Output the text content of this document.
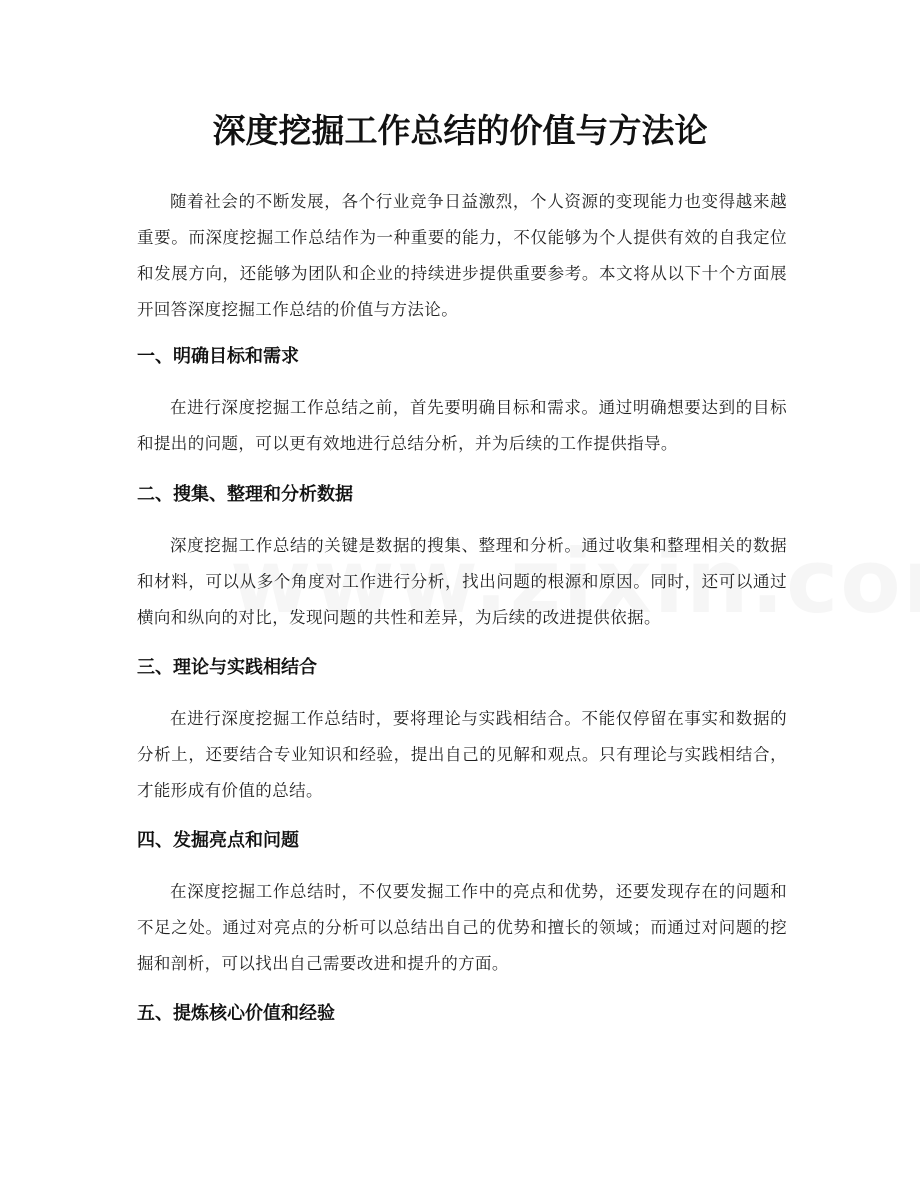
深度挖掘工作总结的价值与方法论

随着社会的不断发展，各个行业竞争日益激烈，个人资源的变现能力也变得越来越重要。而深度挖掘工作总结作为一种重要的能力，不仅能够为个人提供有效的自我定位和发展方向，还能够为团队和企业的持续进步提供重要参考。本文将从以下十个方面展开回答深度挖掘工作总结的价值与方法论。

一、明确目标和需求

在进行深度挖掘工作总结之前，首先要明确目标和需求。通过明确想要达到的目标和提出的问题，可以更有效地进行总结分析，并为后续的工作提供指导。

二、搜集、整理和分析数据

深度挖掘工作总结的关键是数据的搜集、整理和分析。通过收集和整理相关的数据和材料，可以从多个角度对工作进行分析，找出问题的根源和原因。同时，还可以通过横向和纵向的对比，发现问题的共性和差异，为后续的改进提供依据。

三、理论与实践相结合

在进行深度挖掘工作总结时，要将理论与实践相结合。不能仅停留在事实和数据的分析上，还要结合专业知识和经验，提出自己的见解和观点。只有理论与实践相结合，才能形成有价值的总结。

四、发掘亮点和问题

在深度挖掘工作总结时，不仅要发掘工作中的亮点和优势，还要发现存在的问题和不足之处。通过对亮点的分析可以总结出自己的优势和擅长的领域；而通过对问题的挖掘和剖析，可以找出自己需要改进和提升的方面。

五、提炼核心价值和经验
